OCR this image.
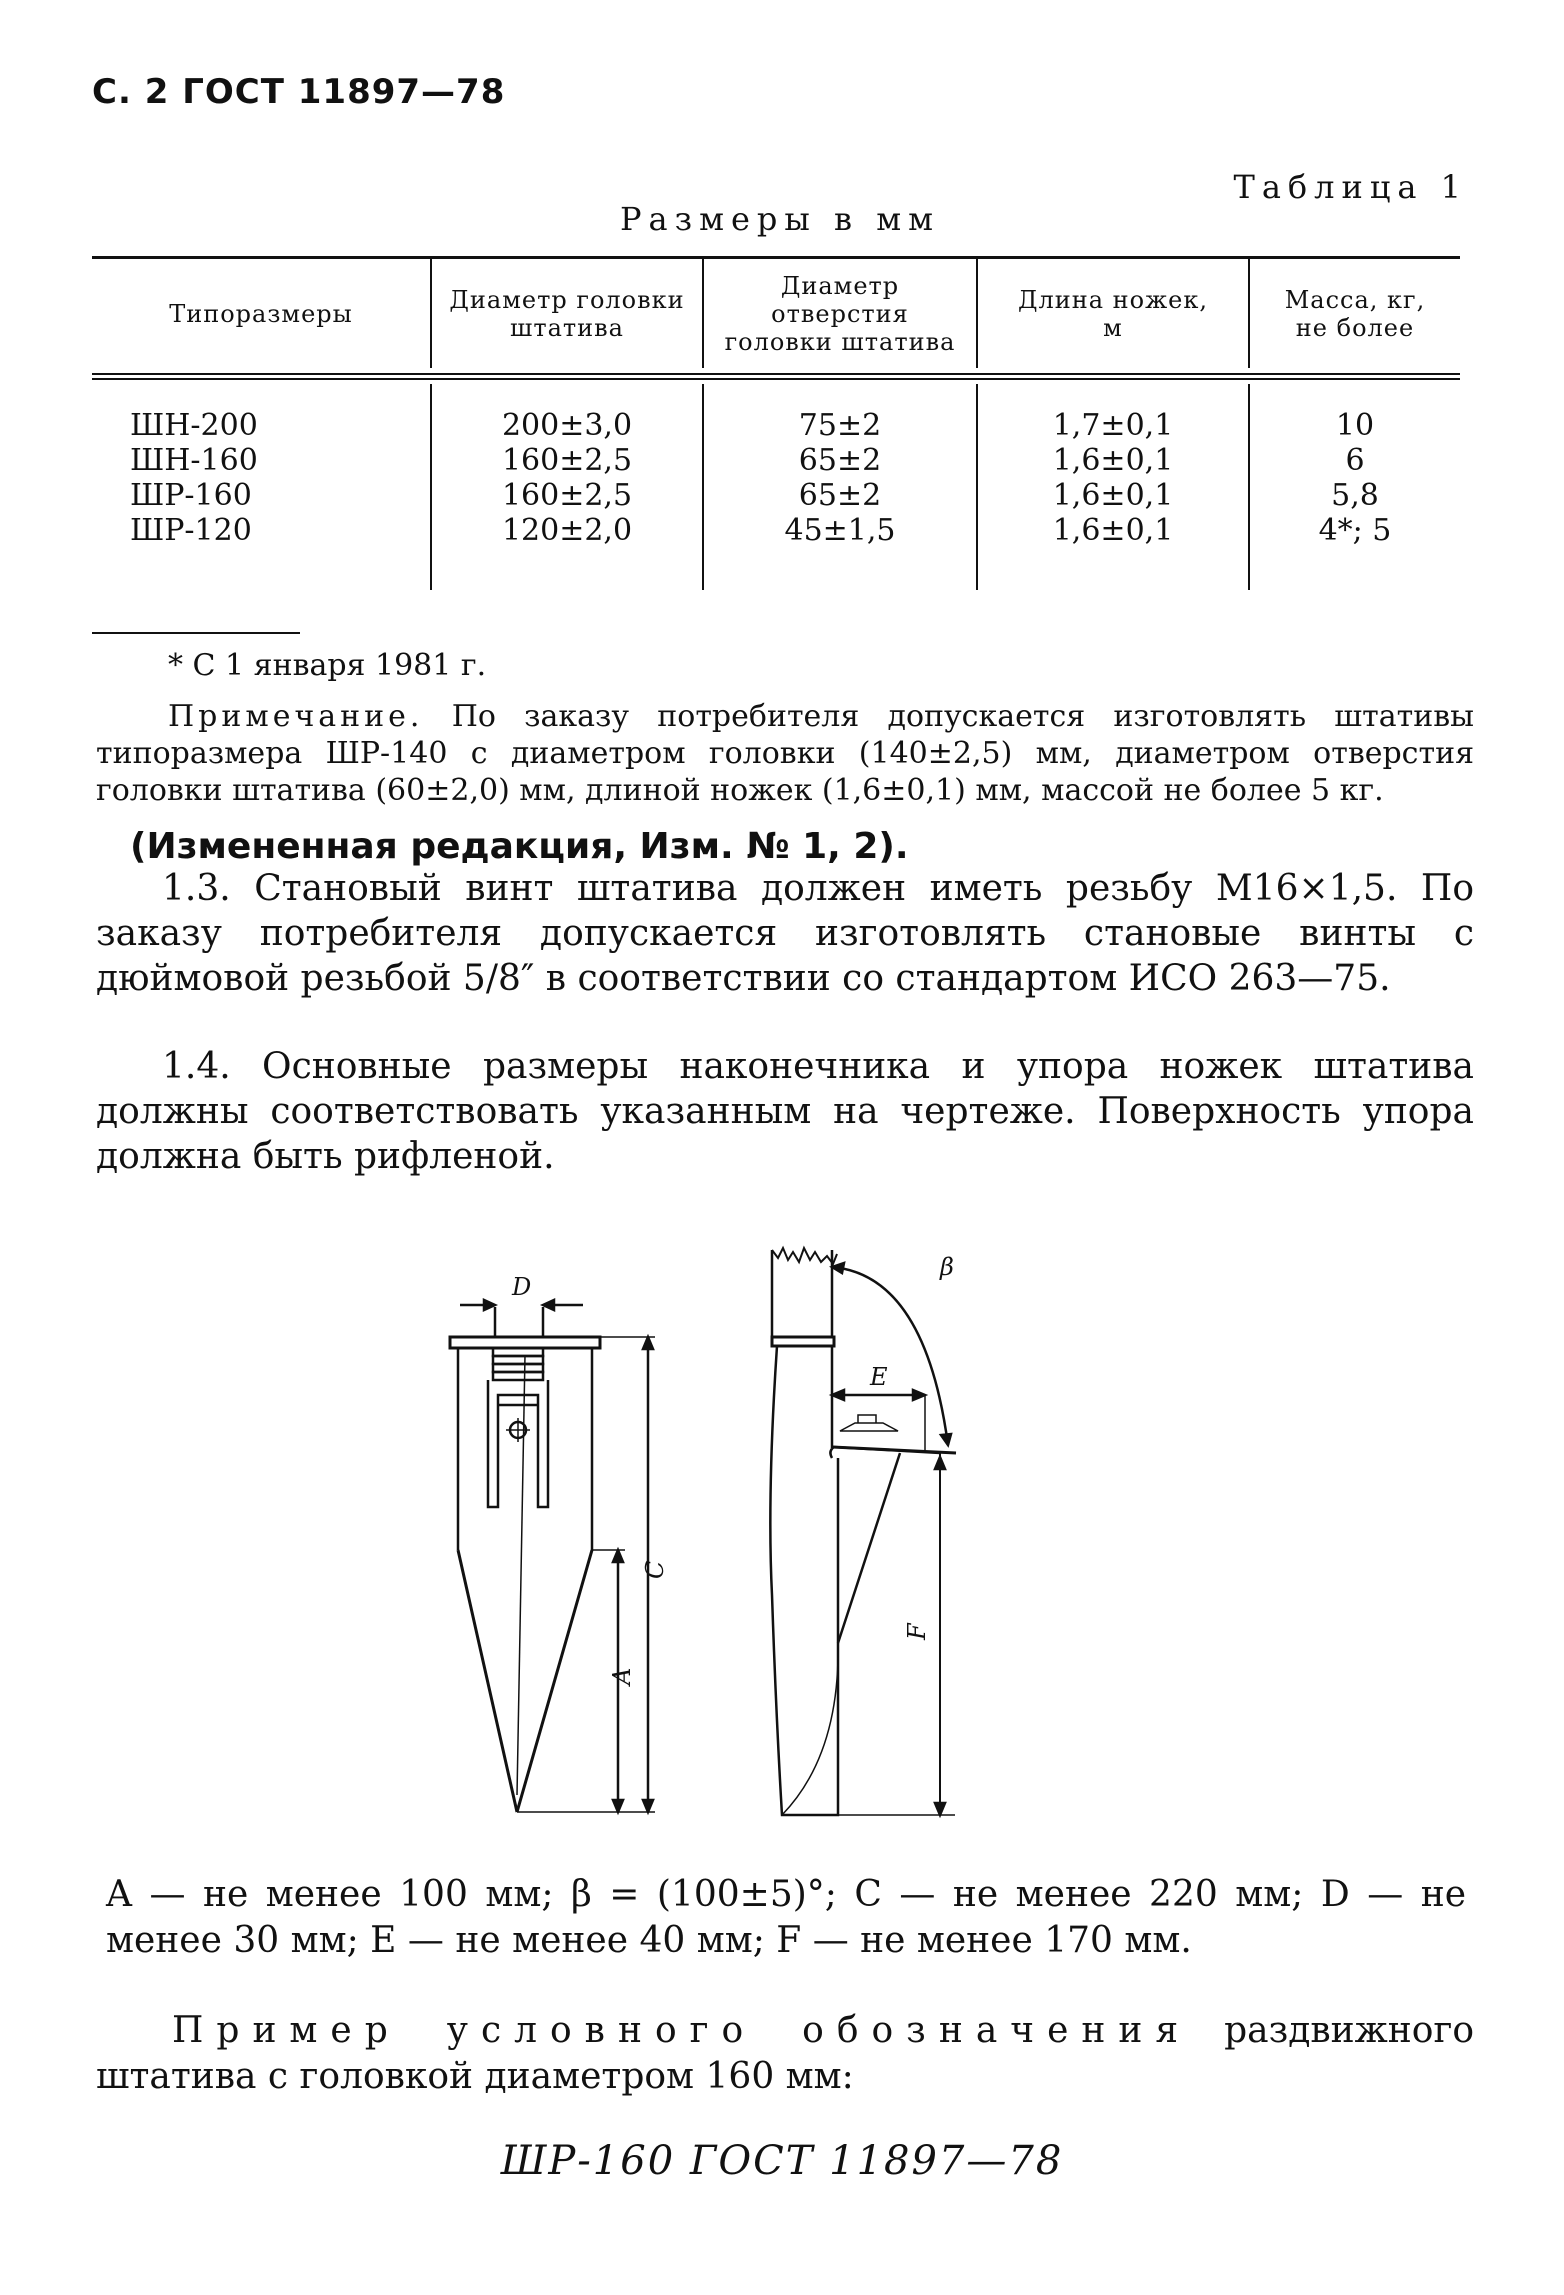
С. 2 ГОСТ 11897—78
Таблица 1
Размеры в мм
Типоразмеры	Диаметр головки
штатива
Диаметр
отверстия
головки штатива
Длина ножек,
м
Масса, кг,
не более
ШН-200
ШН-160
ШР-160
ШР-120
200±3,0
160±2,5
160±2,5
120±2,0
75±2
65±2
65±2
45±1,5
1,7±0,1
1,6±0,1
1,6±0,1
1,6±0,1
10
6
5,8
4*; 5
* С 1 января 1981 г.
Примечание. По заказу потребителя допускается изготовлять штативы типоразмера ШР-140 с диаметром головки (140±2,5) мм, диаметром отверстия головки штатива (60±2,0) мм, длиной ножек (1,6±0,1) мм, массой не более 5 кг.
(Измененная редакция, Изм. № 1, 2).
1.3. Становый винт штатива должен иметь резьбу М16×1,5. По заказу потребителя допускается изготовлять становые винты с дюймовой резьбой 5/8″ в соответствии со стандартом ИСО 263—75.
1.4. Основные размеры наконечника и упора ножек штатива должны соответствовать указанным на чертеже. Поверхность упора должна быть рифленой.
D
C
A
E
β
F
A — не менее 100 мм; β = (100±5)°; C — не менее 220 мм; D — не менее 30 мм; E — не менее 40 мм; F — не менее 170 мм.
Пример условного обозначения раздвижного штатива с головкой диаметром 160 мм:
ШР-160 ГОСТ 11897—78
